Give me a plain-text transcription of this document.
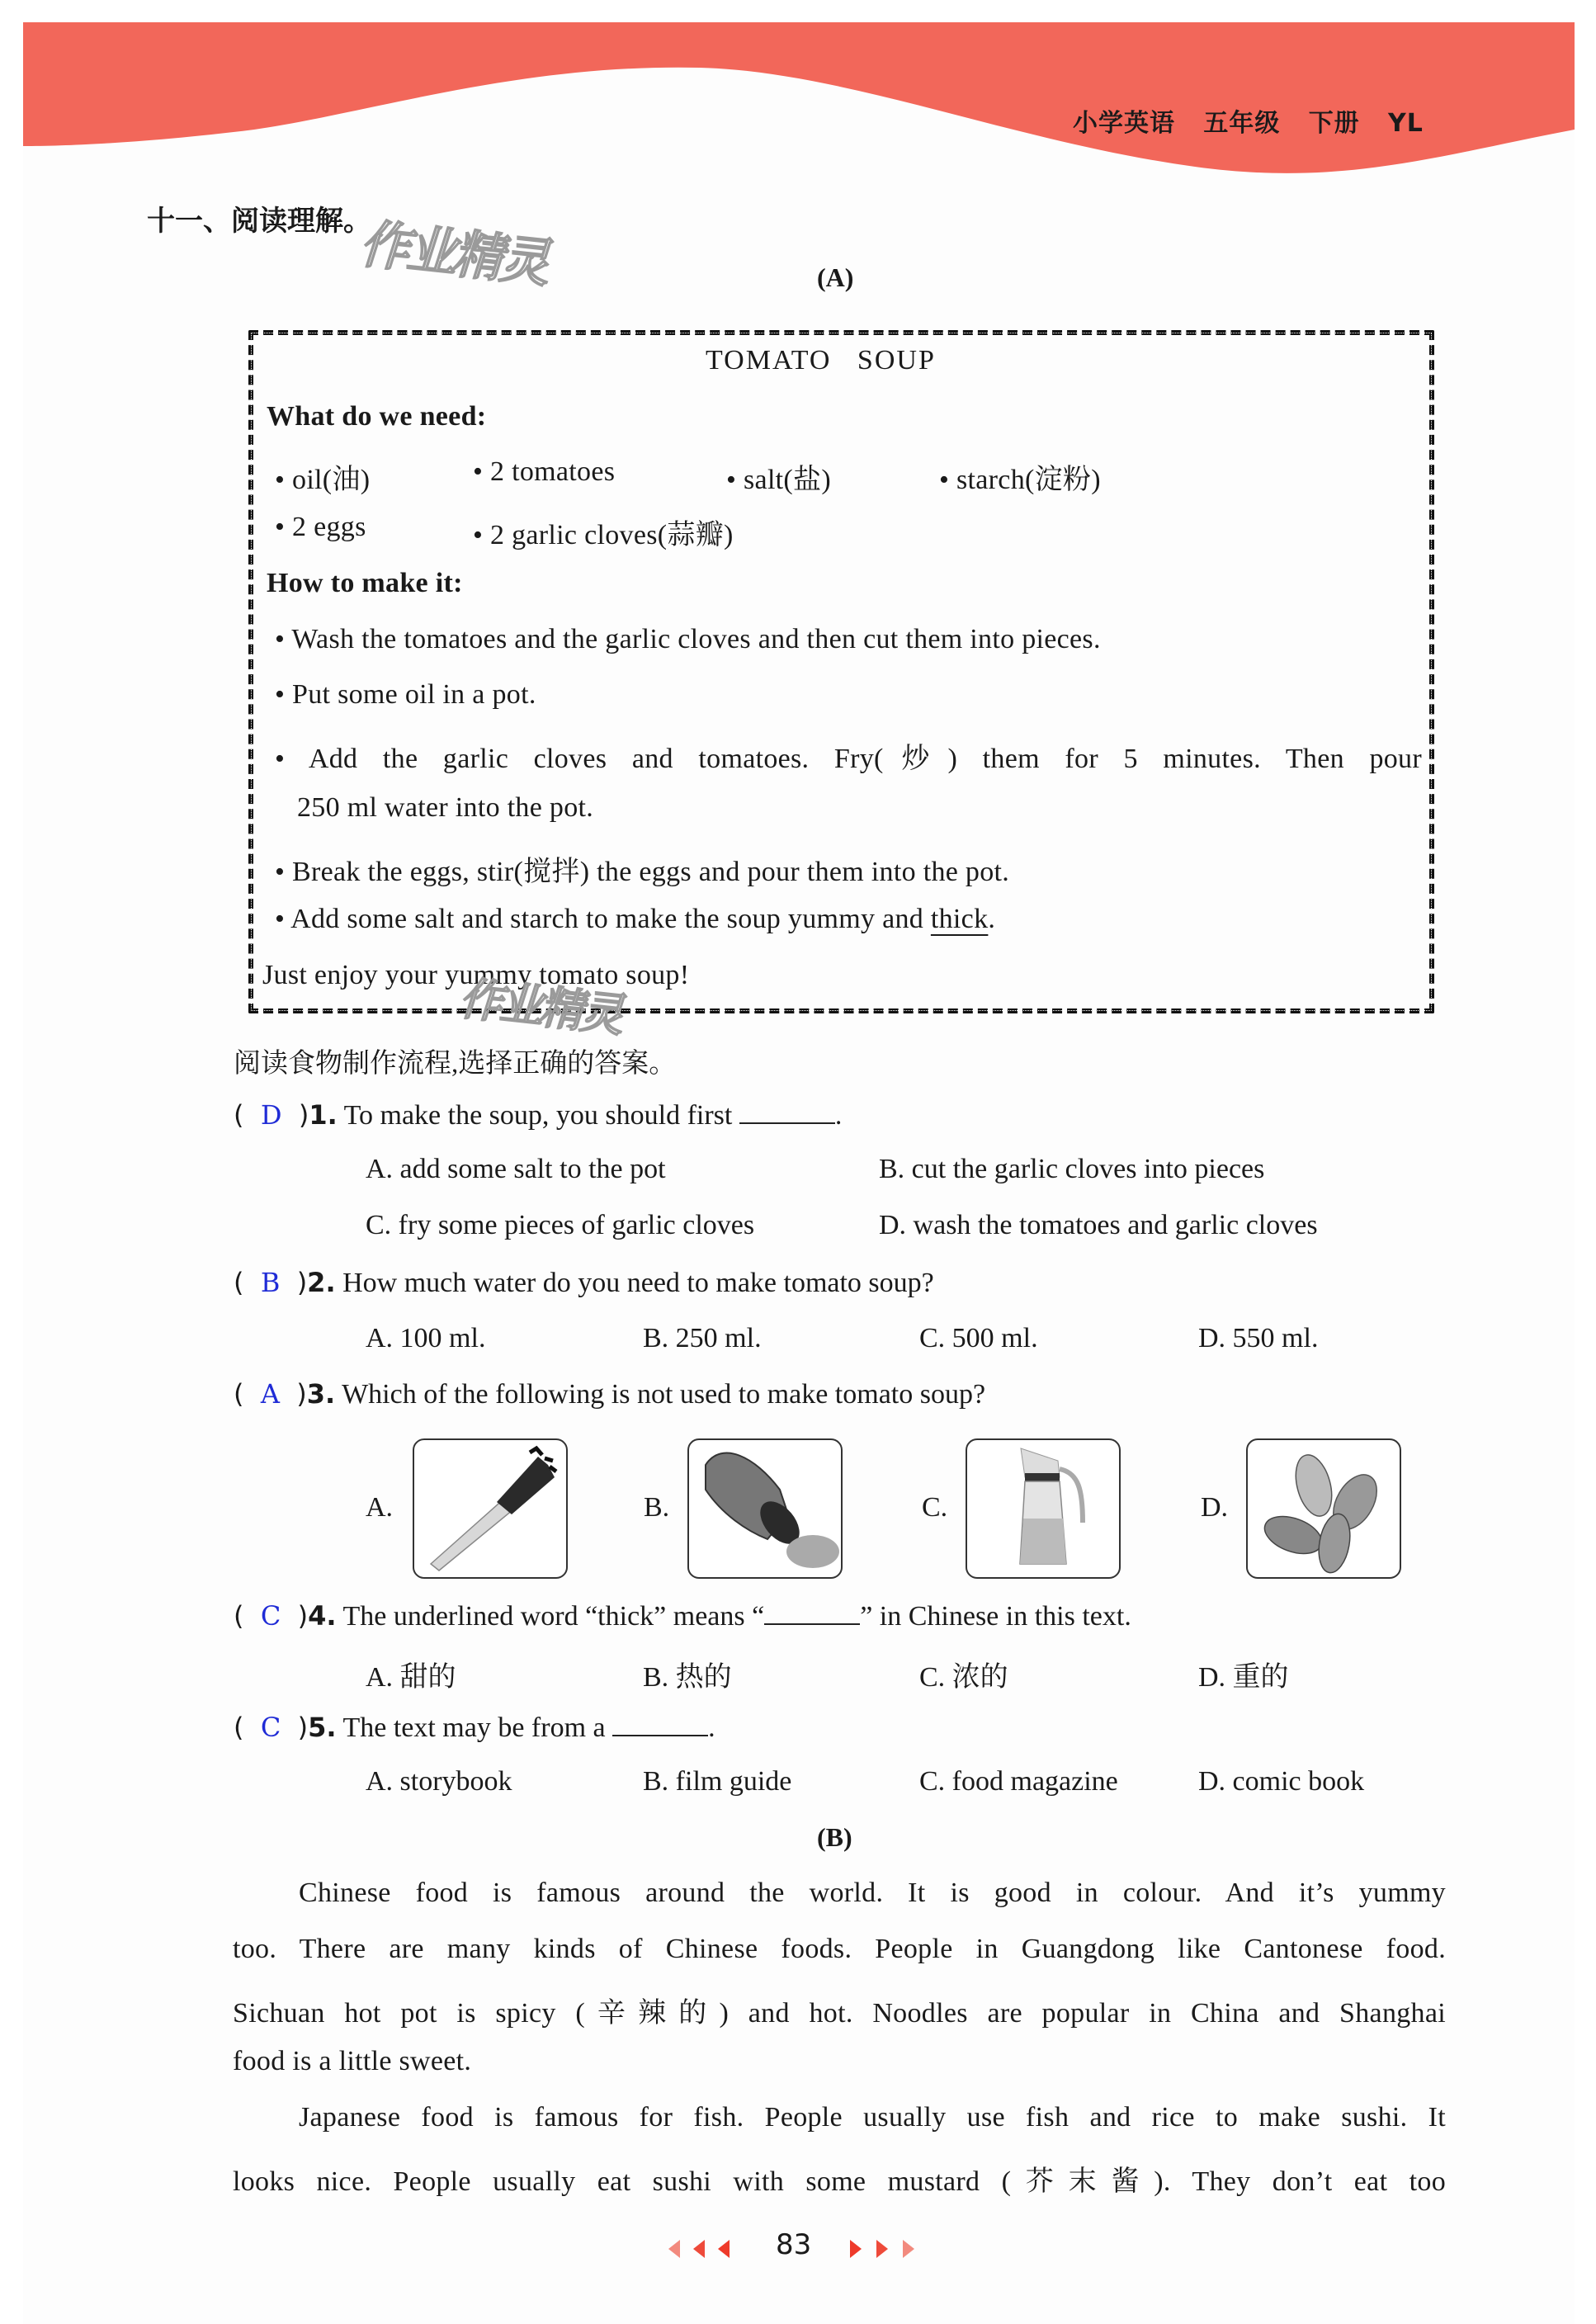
小学英语 五年级 下册 YL
十一、阅读理解。
作业精灵	(A)
TOMATO   SOUP
What do we need:
• oil(油)	• 2 tomatoes	• salt(盐)	• starch(淀粉)
• 2 eggs	• 2 garlic cloves(蒜瓣)
How to make it:
• Wash the tomatoes and the garlic cloves and then cut them into pieces.
• Put some oil in a pot.
• Add the garlic cloves and tomatoes. Fry(炒) them for 5 minutes. Then pour
250 ml water into the pot.
• Break the eggs, stir(搅拌) the eggs and pour them into the pot.
• Add some salt and starch to make the soup yummy and thick.
Just enjoy your yummy tomato soup!
作业精灵
阅读食物制作流程,选择正确的答案。
(  D  )1. To make the soup, you should first	.
A. add some salt to the pot	B. cut the garlic cloves into pieces
C. fry some pieces of garlic cloves	D. wash the tomatoes and garlic cloves
(  B  )2. How much water do you need to make tomato soup?
A. 100 ml.	B. 250 ml.	C. 500 ml.	D. 550 ml.
(  A  )3. Which of the following is not used to make tomato soup?
A.	B.	C.	D.
(  C  )4. The underlined word “thick” means “	” in Chinese in this text.
A. 甜的	B. 热的	C. 浓的	D. 重的
(  C  )5. The text may be from a	.
A. storybook	B. film guide	C. food magazine	D. comic book
(B)
Chinese food is famous around the world. It is good in colour. And it’s yummy
too. There are many kinds of Chinese foods. People in Guangdong like Cantonese food.
Sichuan hot pot is spicy (辛辣的) and hot. Noodles are popular in China and Shanghai
food is a little sweet.
Japanese food is famous for fish. People usually use fish and rice to make sushi. It
looks nice. People usually eat sushi with some mustard (芥末酱). They don’t eat too
83
